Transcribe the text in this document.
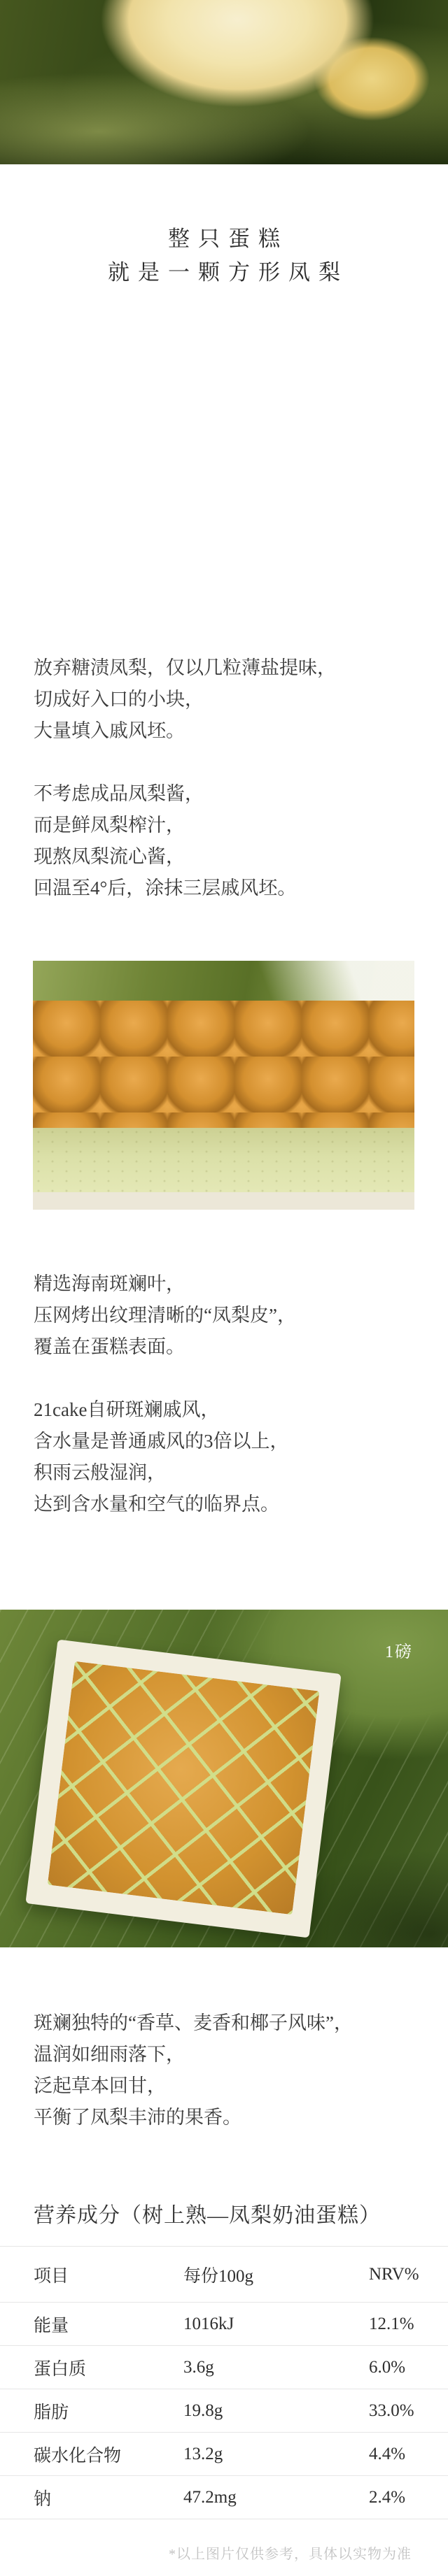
整只蛋糕
就是一颗方形凤梨
放弃糖渍凤梨，仅以几粒薄盐提味，
切成好入口的小块，
大量填入戚风坯。
不考虑成品凤梨酱，
而是鲜凤梨榨汁，
现熬凤梨流心酱，
回温至4°后，涂抹三层戚风坯。
精选海南斑斓叶，
压网烤出纹理清晰的“凤梨皮”，
覆盖在蛋糕表面。
21cake自研斑斓戚风，
含水量是普通戚风的3倍以上，
积雨云般湿润，
达到含水量和空气的临界点。
1磅
斑斓独特的“香草、麦香和椰子风味”，
温润如细雨落下，
泛起草本回甘，
平衡了凤梨丰沛的果香。
营养成分（树上熟—凤梨奶油蛋糕）
项目	每份100g	NRV%
能量	1016kJ	12.1%
蛋白质	3.6g	6.0%
脂肪	19.8g	33.0%
碳水化合物	13.2g	4.4%
钠	47.2mg	2.4%
*以上图片仅供参考，具体以实物为准
